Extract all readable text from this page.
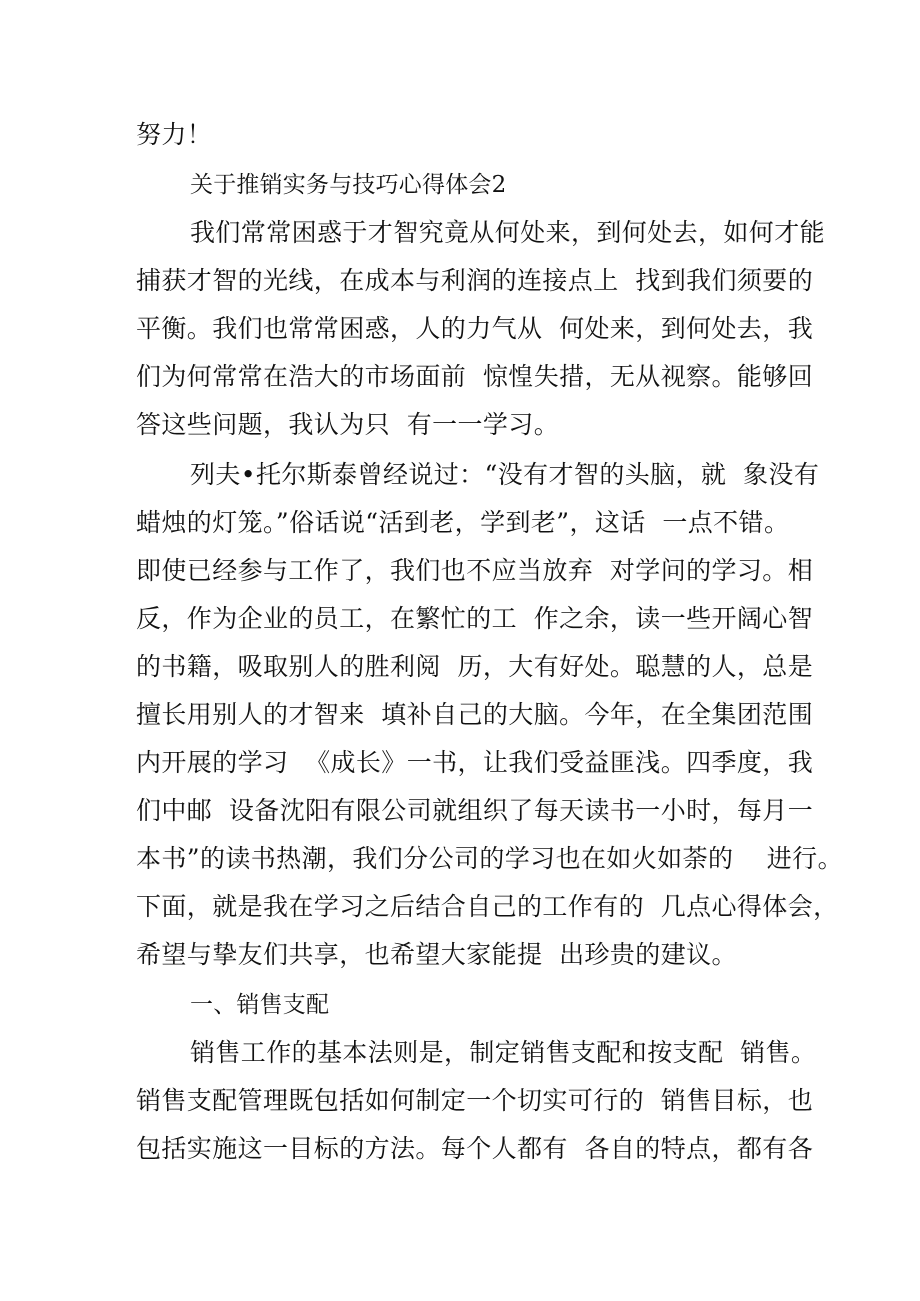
努力！
关于推销实务与技巧心得体会2
我们常常困惑于才智究竟从何处来，到何处去，如何才能
捕获才智的光线，在成本与利润的连接点上  找到我们须要的
平衡。我们也常常困惑，人的力气从  何处来，到何处去，我
们为何常常在浩大的市场面前  惊惶失措，无从视察。能够回
答这些问题，我认为只  有一一学习。
列夫•托尔斯泰曾经说过：“没有才智的头脑，就  象没有
蜡烛的灯笼。”俗话说“活到老，学到老”，这话  一点不错。
即使已经参与工作了，我们也不应当放弃  对学问的学习。相
反，作为企业的员工，在繁忙的工  作之余，读一些开阔心智
的书籍，吸取别人的胜利阅  历，大有好处。聪慧的人，总是
擅长用别人的才智来  填补自己的大脑。今年，在全集团范围
内开展的学习  《成长》一书，让我们受益匪浅。四季度，我
们中邮  设备沈阳有限公司就组织了每天读书一小时，每月一
本书”的读书热潮，我们分公司的学习也在如火如荼的    进行。
下面，就是我在学习之后结合自己的工作有的  几点心得体会，
希望与挚友们共享，也希望大家能提  出珍贵的建议。
一、销售支配
销售工作的基本法则是，制定销售支配和按支配  销售。
销售支配管理既包括如何制定一个切实可行的  销售目标，也
包括实施这一目标的方法。每个人都有  各自的特点，都有各
